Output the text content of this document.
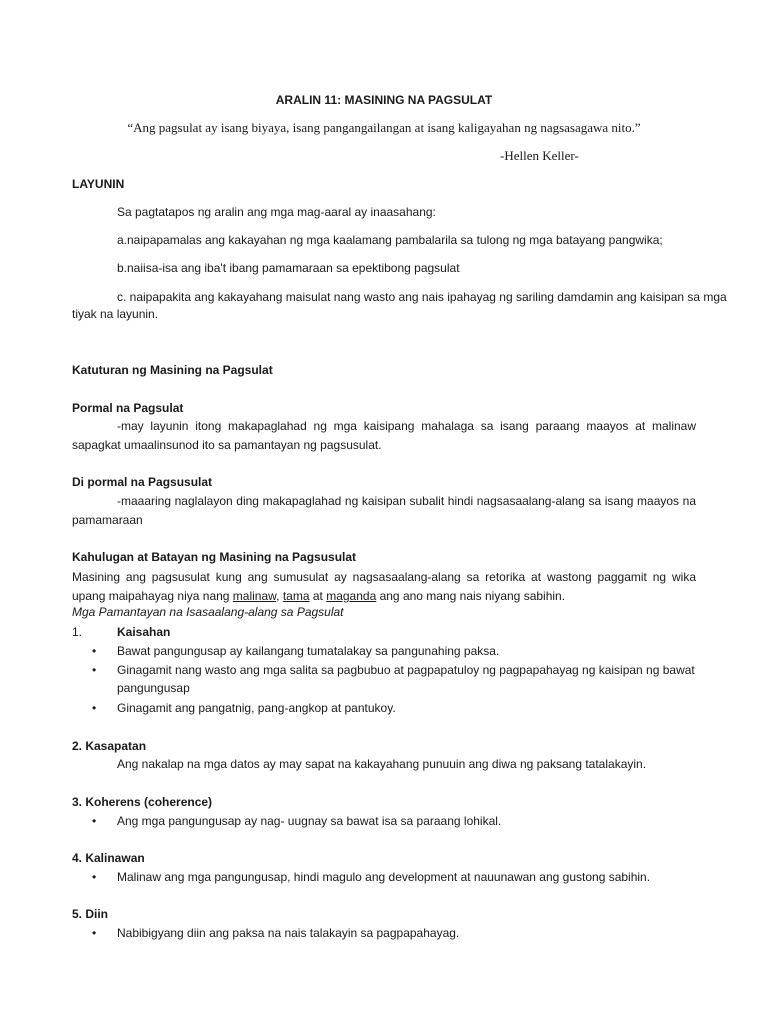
ARALIN 11: MASINING NA PAGSULAT
“Ang pagsulat ay isang biyaya, isang pangangailangan at isang kaligayahan ng nagsasagawa nito.”
-Hellen Keller-
LAYUNIN
Sa pagtatapos ng aralin ang mga mag-aaral ay inaasahang:
a.naipapamalas ang kakayahan ng mga kaalamang pambalarila sa tulong ng mga batayang pangwika;
b.naiisa-isa ang iba't ibang pamamaraan sa epektibong pagsulat
c. naipapakita ang kakayahang maisulat nang wasto ang nais ipahayag ng sariling damdamin ang kaisipan sa mga
tiyak na layunin.
Katuturan ng Masining na Pagsulat
Pormal na Pagsulat
-may layunin itong makapaglahad ng mga kaisipang mahalaga sa isang paraang maayos at malinaw sapagkat umaalinsunod ito sa pamantayan ng pagsusulat.
Di pormal na Pagsusulat
-maaaring naglalayon ding makapaglahad ng kaisipan subalit hindi nagsasaalang-alang sa isang maayos na pamamaraan
Kahulugan at Batayan ng Masining na Pagsusulat
Masining ang pagsusulat kung ang sumusulat ay nagsasaalang-alang sa retorika at wastong paggamit ng wika upang maipahayag niya nang malinaw, tama at maganda ang ano mang nais niyang sabihin.
Mga Pamantayan na Isasaalang-alang sa Pagsulat
1.	Kaisahan
• Bawat pangungusap ay kailangang tumatalakay sa pangunahing paksa.
• Ginagamit nang wasto ang mga salita sa pagbubuo at pagpapatuloy ng pagpapahayag ng kaisipan ng bawat
pangungusap
• Ginagamit ang pangatnig, pang-angkop at pantukoy.
2. Kasapatan
Ang nakalap na mga datos ay may sapat na kakayahang punuuin ang diwa ng paksang tatalakayin.
3. Koherens (coherence)
• Ang mga pangungusap ay nag- uugnay sa bawat isa sa paraang lohikal.
4. Kalinawan
• Malinaw ang mga pangungusap, hindi magulo ang development at nauunawan ang gustong sabihin.
5. Diin
• Nabibigyang diin ang paksa na nais talakayin sa pagpapahayag.
